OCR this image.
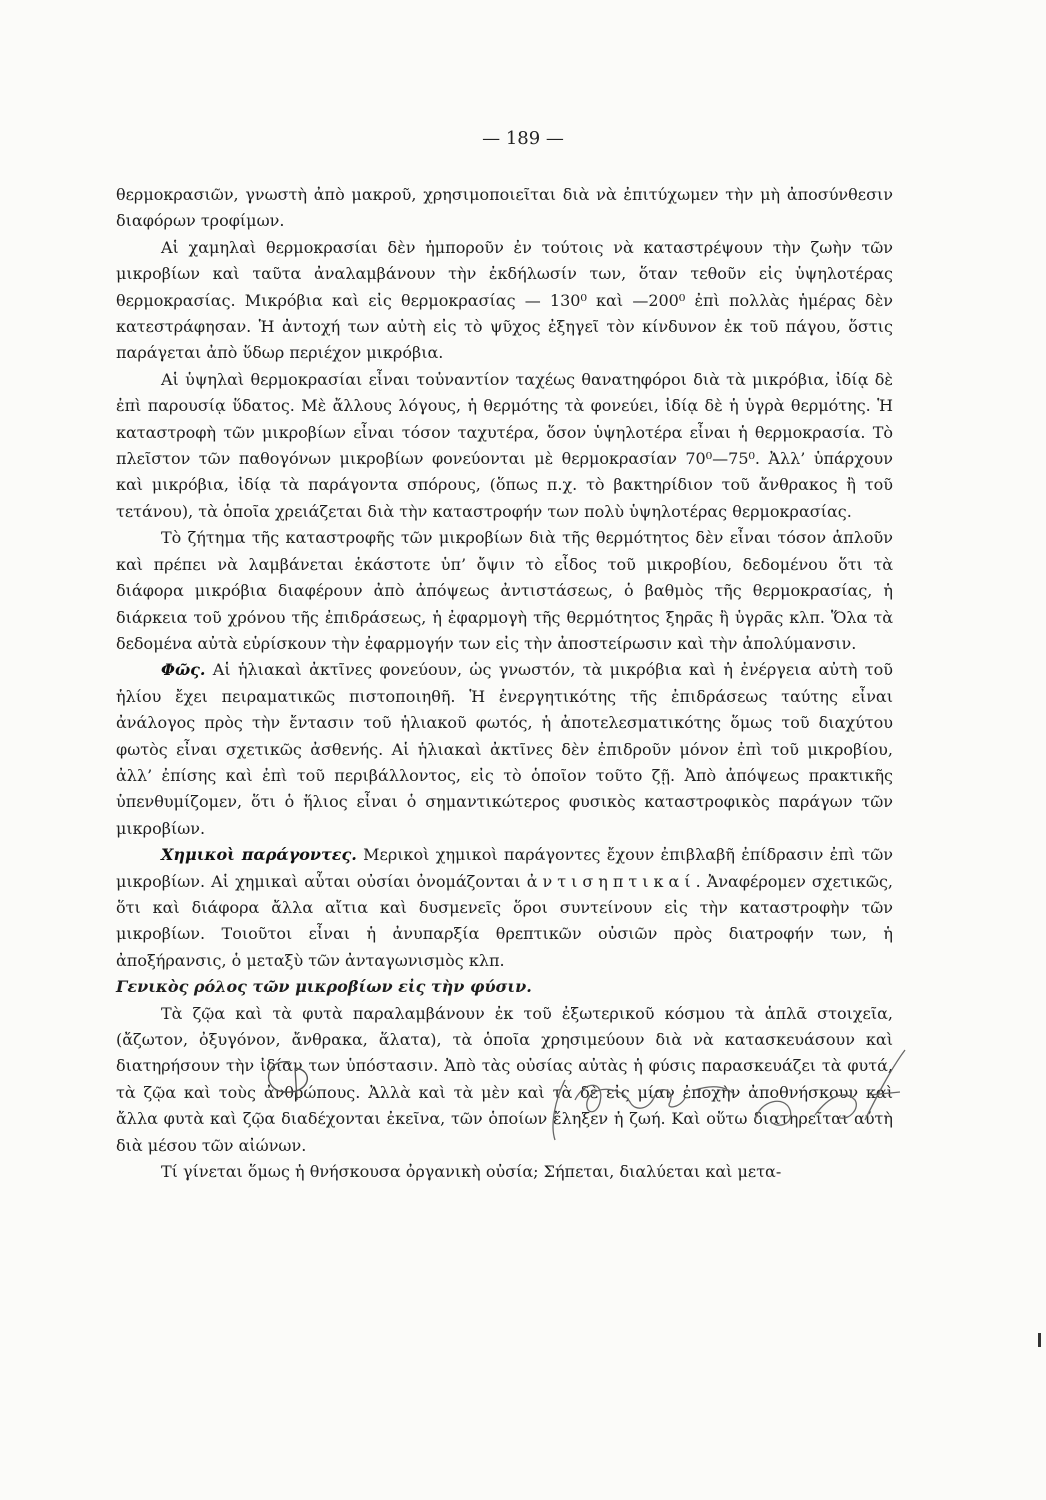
— 189 —

θερμοκρασιῶν, γνωστὴ ἀπὸ μακροῦ, χρησιμοποιεῖται διὰ νὰ ἐπιτύχωμεν τὴν μὴ ἀποσύνθεσιν διαφόρων τροφίμων.

Αἱ χαμηλαὶ θερμοκρασίαι δὲν ἠμποροῦν ἐν τούτοις νὰ καταστρέψουν τὴν ζωὴν τῶν μικροβίων καὶ ταῦτα ἀναλαμβάνουν τὴν ἐκδήλωσίν των, ὅταν τεθοῦν εἰς ὑψηλοτέρας θερμοκρασίας. Μικρόβια καὶ εἰς θερμοκρασίας — 130⁰ καὶ —200⁰ ἐπὶ πολλὰς ἡμέρας δὲν κατεστράφησαν. Ἡ ἀντοχή των αὐτὴ εἰς τὸ ψῦχος ἐξηγεῖ τὸν κίνδυνον ἐκ τοῦ πάγου, ὅστις παράγεται ἀπὸ ὕδωρ περιέχον μικρόβια.

Αἱ ὑψηλαὶ θερμοκρασίαι εἶναι τοὐναντίον ταχέως θανατηφόροι διὰ τὰ μικρόβια, ἰδίᾳ δὲ ἐπὶ παρουσίᾳ ὕδατος. Μὲ ἄλλους λόγους, ἡ θερμότης τὰ φονεύει, ἰδίᾳ δὲ ἡ ὑγρὰ θερμότης. Ἡ καταστροφὴ τῶν μικροβίων εἶναι τόσον ταχυτέρα, ὅσον ὑψηλοτέρα εἶναι ἡ θερμοκρασία. Τὸ πλεῖστον τῶν παθογόνων μικροβίων φονεύονται μὲ θερμοκρασίαν 70⁰—75⁰. Ἀλλ’ ὑπάρχουν καὶ μικρόβια, ἰδίᾳ τὰ παράγοντα σπόρους, (ὅπως π.χ. τὸ βακτηρίδιον τοῦ ἄνθρακος ἢ τοῦ τετάνου), τὰ ὁποῖα χρειάζεται διὰ τὴν καταστροφήν των πολὺ ὑψηλοτέρας θερμοκρασίας.

Τὸ ζήτημα τῆς καταστροφῆς τῶν μικροβίων διὰ τῆς θερμότητος δὲν εἶναι τόσον ἁπλοῦν καὶ πρέπει νὰ λαμβάνεται ἑκάστοτε ὑπ’ ὄψιν τὸ εἶδος τοῦ μικροβίου, δεδομένου ὅτι τὰ διάφορα μικρόβια διαφέρουν ἀπὸ ἀπόψεως ἀντιστάσεως, ὁ βαθμὸς τῆς θερμοκρασίας, ἡ διάρκεια τοῦ χρόνου τῆς ἐπιδράσεως, ἡ ἐφαρμογὴ τῆς θερμότητος ξηρᾶς ἢ ὑγρᾶς κλπ. Ὅλα τὰ δεδομένα αὐτὰ εὑρίσκουν τὴν ἐφαρμογήν των εἰς τὴν ἀποστείρωσιν καὶ τὴν ἀπολύμανσιν.

Φῶς. Αἱ ἡλιακαὶ ἀκτῖνες φονεύουν, ὡς γνωστόν, τὰ μικρόβια καὶ ἡ ἐνέργεια αὐτὴ τοῦ ἡλίου ἔχει πειραματικῶς πιστοποιηθῆ. Ἡ ἐνεργητικότης τῆς ἐπιδράσεως ταύτης εἶναι ἀνάλογος πρὸς τὴν ἔντασιν τοῦ ἡλιακοῦ φωτός, ἡ ἀποτελεσματικότης ὅμως τοῦ διαχύτου φωτὸς εἶναι σχετικῶς ἀσθενής. Αἱ ἡλιακαὶ ἀκτῖνες δὲν ἐπιδροῦν μόνον ἐπὶ τοῦ μικροβίου, ἀλλ’ ἐπίσης καὶ ἐπὶ τοῦ περιβάλλοντος, εἰς τὸ ὁποῖον τοῦτο ζῇ. Ἀπὸ ἀπόψεως πρακτικῆς ὑπενθυμίζομεν, ὅτι ὁ ἥλιος εἶναι ὁ σημαντικώτερος φυσικὸς καταστροφικὸς παράγων τῶν μικροβίων.

Χημικοὶ παράγοντες. Μερικοὶ χημικοὶ παράγοντες ἔχουν ἐπιβλαβῆ ἐπίδρασιν ἐπὶ τῶν μικροβίων. Αἱ χημικαὶ αὗται οὐσίαι ὀνομάζονται ἀντισηπτικαί. Ἀναφέρομεν σχετικῶς, ὅτι καὶ διάφορα ἄλλα αἴτια καὶ δυσμενεῖς ὅροι συντείνουν εἰς τὴν καταστροφὴν τῶν μικροβίων. Τοιοῦτοι εἶναι ἡ ἀνυπαρξία θρεπτικῶν οὐσιῶν πρὸς διατροφήν των, ἡ ἀποξήρανσις, ὁ μεταξὺ τῶν ἀνταγωνισμὸς κλπ.

Γενικὸς ρόλος τῶν μικροβίων εἰς τὴν φύσιν.

Τὰ ζῷα καὶ τὰ φυτὰ παραλαμβάνουν ἐκ τοῦ ἐξωτερικοῦ κόσμου τὰ ἁπλᾶ στοιχεῖα, (ἄζωτον, ὀξυγόνον, ἄνθρακα, ἅλατα), τὰ ὁποῖα χρησιμεύουν διὰ νὰ κατασκευάσουν καὶ διατηρήσουν τὴν ἰδίαν των ὑπόστασιν. Ἀπὸ τὰς οὐσίας αὐτὰς ἡ φύσις παρασκευάζει τὰ φυτά, τὰ ζῷα καὶ τοὺς ἀνθρώπους. Ἀλλὰ καὶ τὰ μὲν καὶ τὰ δὲ εἰς μίαν ἐποχὴν ἀποθνήσκουν καὶ ἄλλα φυτὰ καὶ ζῷα διαδέχονται ἐκεῖνα, τῶν ὁποίων ἔληξεν ἡ ζωή. Καὶ οὕτω διατηρεῖται αὐτὴ διὰ μέσου τῶν αἰώνων.

Τί γίνεται ὅμως ἡ θνήσκουσα ὀργανικὴ οὐσία; Σήπεται, διαλύεται καὶ μετα-
